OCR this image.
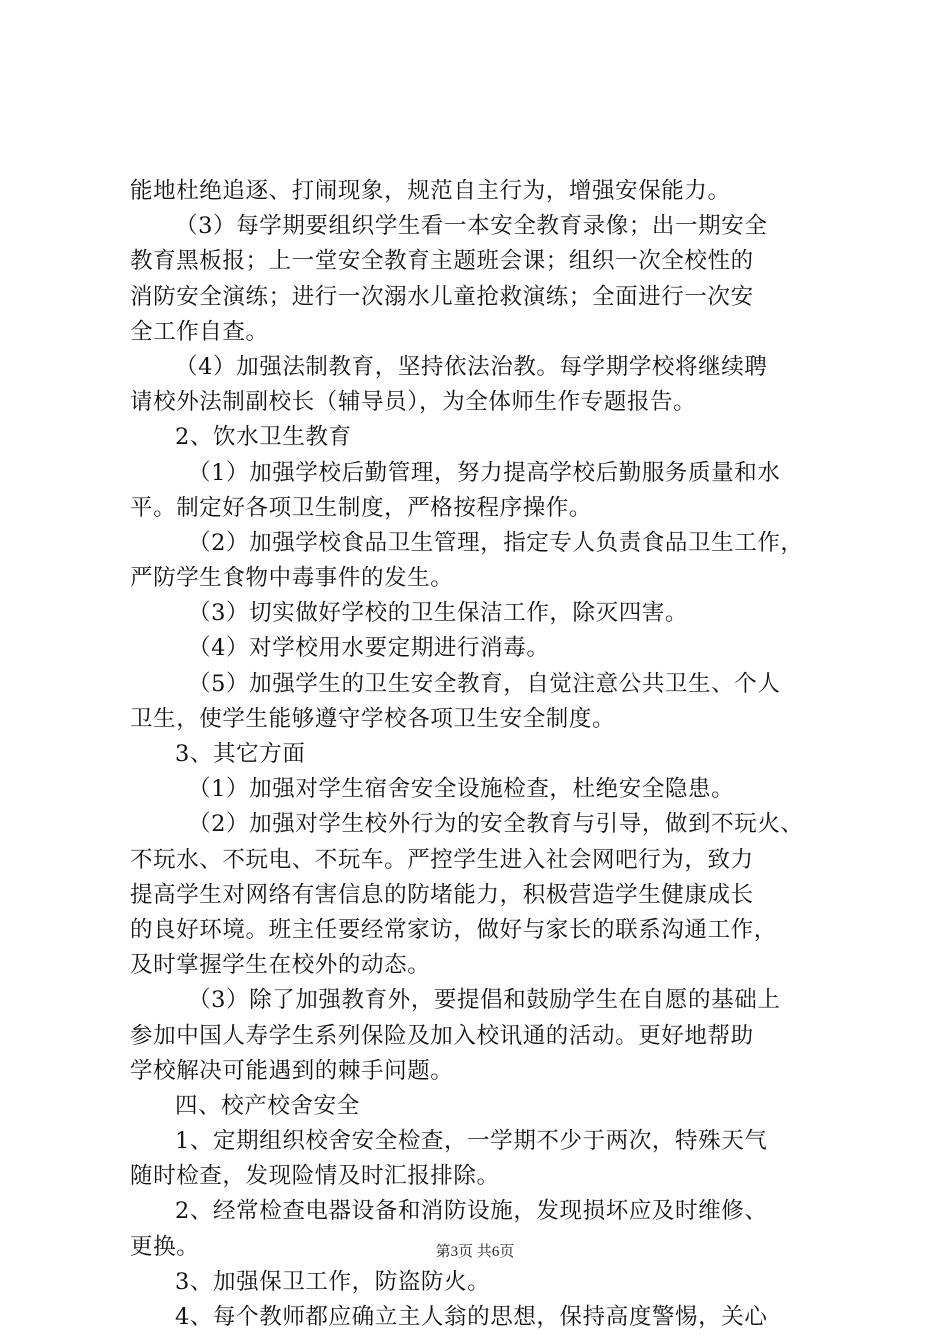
能地杜绝追逐、打闹现象，规范自主行为，增强安保能力。
（3）每学期要组织学生看一本安全教育录像；出一期安全
教育黑板报；上一堂安全教育主题班会课；组织一次全校性的
消防安全演练；进行一次溺水儿童抢救演练；全面进行一次安
全工作自查。
（4）加强法制教育，坚持依法治教。每学期学校将继续聘
请校外法制副校长（辅导员），为全体师生作专题报告。
2、饮水卫生教育
（1）加强学校后勤管理，努力提高学校后勤服务质量和水
平。制定好各项卫生制度，严格按程序操作。
（2）加强学校食品卫生管理，指定专人负责食品卫生工作，
严防学生食物中毒事件的发生。
（3）切实做好学校的卫生保洁工作，除灭四害。
（4）对学校用水要定期进行消毒。
（5）加强学生的卫生安全教育，自觉注意公共卫生、个人
卫生，使学生能够遵守学校各项卫生安全制度。
3、其它方面
（1）加强对学生宿舍安全设施检查，杜绝安全隐患。
（2）加强对学生校外行为的安全教育与引导，做到不玩火、
不玩水、不玩电、不玩车。严控学生进入社会网吧行为，致力
提高学生对网络有害信息的防堵能力，积极营造学生健康成长
的良好环境。班主任要经常家访，做好与家长的联系沟通工作，
及时掌握学生在校外的动态。
（3）除了加强教育外，要提倡和鼓励学生在自愿的基础上
参加中国人寿学生系列保险及加入校讯通的活动。更好地帮助
学校解决可能遇到的棘手问题。
四、校产校舍安全
1、定期组织校舍安全检查，一学期不少于两次，特殊天气
随时检查，发现险情及时汇报排除。
2、经常检查电器设备和消防设施，发现损坏应及时维修、
更换。
3、加强保卫工作，防盗防火。
4、每个教师都应确立主人翁的思想，保持高度警惕，关心
第3页 共6页
